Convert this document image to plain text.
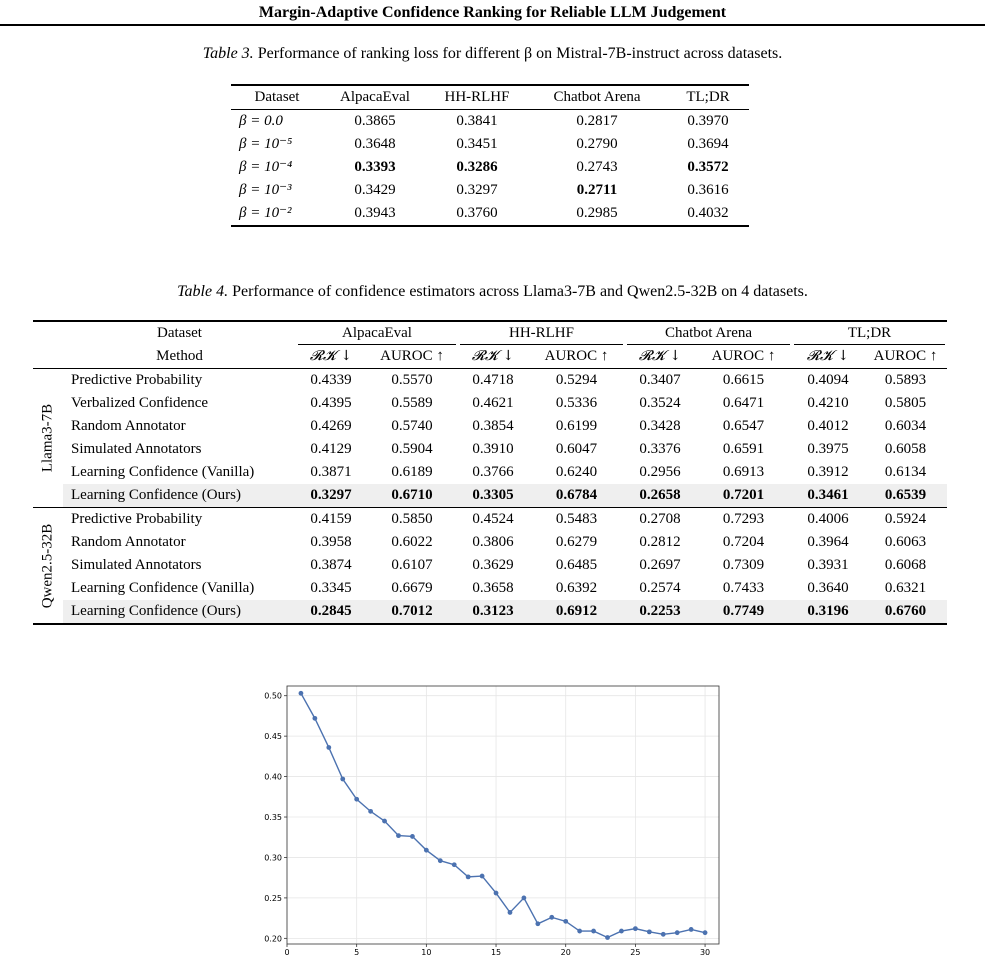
Margin-Adaptive Confidence Ranking for Reliable LLM Judgement
Table 3. Performance of ranking loss for different β on Mistral-7B-instruct across datasets.
Dataset	AlpacaEval	HH-RLHF	Chatbot Arena	TL;DR
β = 0.0	0.3865	0.3841	0.2817	0.3970
β = 10⁻⁵	0.3648	0.3451	0.2790	0.3694
β = 10⁻⁴	0.3393	0.3286	0.2743	0.3572
β = 10⁻³	0.3429	0.3297	0.2711	0.3616
β = 10⁻²	0.3943	0.3760	0.2985	0.4032
Table 4. Performance of confidence estimators across Llama3-7B and Qwen2.5-32B on 4 datasets.
	Dataset	AlpacaEval		HH-RLHF		Chatbot Arena		TL;DR	

	Method	𝓡𝓚 ↓	AUROC ↑	𝓡𝓚 ↓	AUROC ↑	𝓡𝓚 ↓	AUROC ↑	𝓡𝓚 ↓	AUROC ↑

Llama3-7B	Predictive Probability	0.4339	0.5570	0.4718	0.5294	0.3407	0.6615	0.4094	0.5893
	Verbalized Confidence	0.4395	0.5589	0.4621	0.5336	0.3524	0.6471	0.4210	0.5805
	Random Annotator	0.4269	0.5740	0.3854	0.6199	0.3428	0.6547	0.4012	0.6034
	Simulated Annotators	0.4129	0.5904	0.3910	0.6047	0.3376	0.6591	0.3975	0.6058
	Learning Confidence (Vanilla)	0.3871	0.6189	0.3766	0.6240	0.2956	0.6913	0.3912	0.6134
	Learning Confidence (Ours)	0.3297	0.6710	0.3305	0.6784	0.2658	0.7201	0.3461	0.6539

Qwen2.5-32B	Predictive Probability	0.4159	0.5850	0.4524	0.5483	0.2708	0.7293	0.4006	0.5924
	Random Annotator	0.3958	0.6022	0.3806	0.6279	0.2812	0.7204	0.3964	0.6063
	Simulated Annotators	0.3874	0.6107	0.3629	0.6485	0.2697	0.7309	0.3931	0.6068
	Learning Confidence (Vanilla)	0.3345	0.6679	0.3658	0.6392	0.2574	0.7433	0.3640	0.6321
	Learning Confidence (Ours)	0.2845	0.7012	0.3123	0.6912	0.2253	0.7749	0.3196	0.6760
0	5	10	15	20	25	30
0.20
0.25
0.30
0.35
0.40
0.45
0.50
